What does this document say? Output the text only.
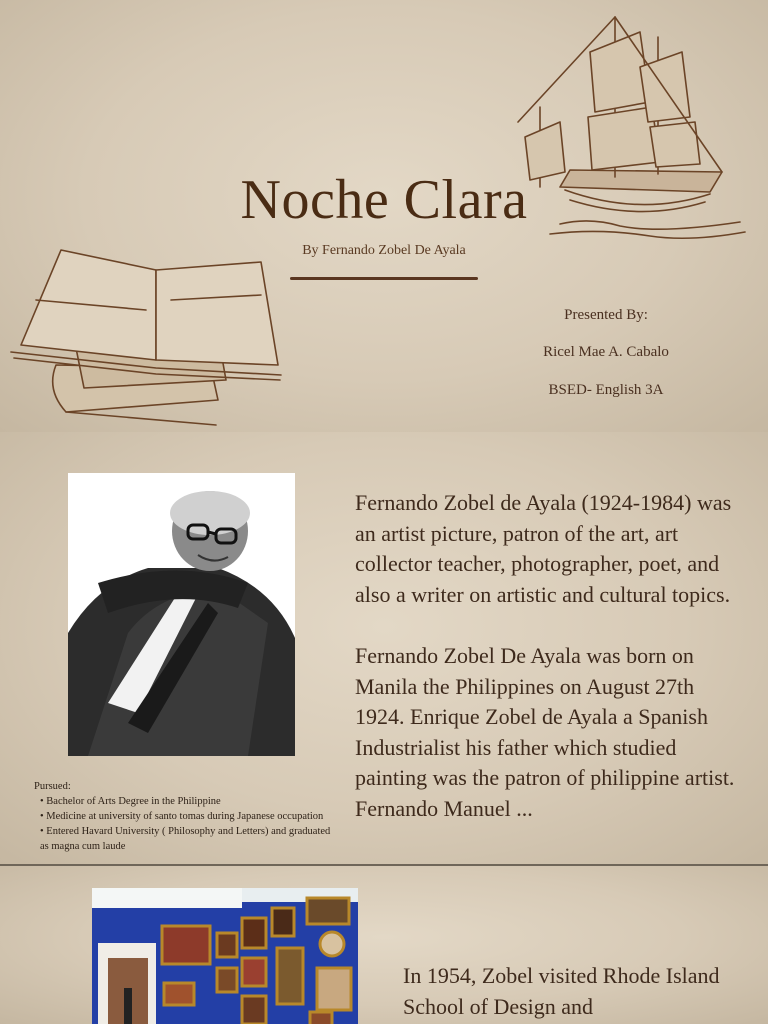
Noche Clara
By Fernando Zobel De Ayala
Presented By:
Ricel Mae A. Cabalo
BSED- English 3A

Fernando Zobel de Ayala (1924-1984) was an artist picture, patron of the art, art collector teacher, photographer, poet, and also a writer on artistic and cultural topics.

Fernando Zobel De Ayala was born on Manila the Philippines on August 27th 1924. Enrique Zobel de Ayala a Spanish Industrialist his father which studied painting was the patron of philippine artist. Fernando Manuel ...

Pursued:
• Bachelor of Arts Degree in the Philippine
• Medicine at university of santo tomas during Japanese occupation
• Entered Havard University ( Philosophy and Letters) and graduated as magna cum laude
In 1954, Zobel visited Rhode Island School of Design and
